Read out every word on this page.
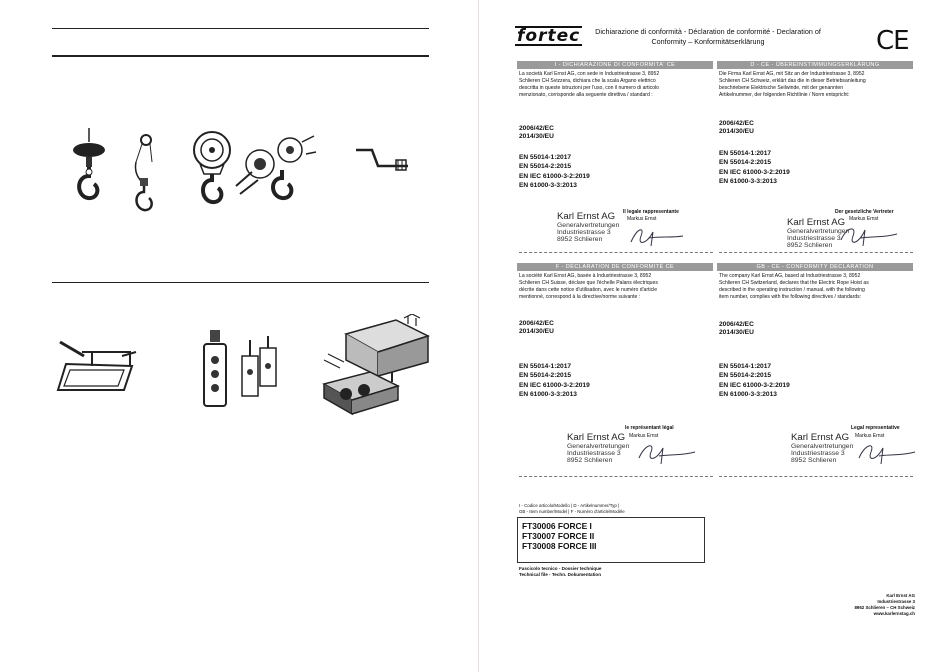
fortec Dichiarazione di conformità - Déclaration de conformité - Declaration of
Conformity – Konformitätserklärung	CE
I - DICHIARAZIONE DI CONFORMITA' CE
La società Karl Ernst AG, con sede in Industriestrasse 3, 8952
Schlieren CH Svizzera, dichiara che la scala Argano elettrico
descritta in queste istruzioni per l'uso, con il numero di articolo
menzionato, corrisponde alla seguente direttiva / standard :
2006/42/EC
2014/30/EU
EN 55014-1:2017
EN 55014-2:2015
EN IEC 61000-3-2:2019
EN 61000-3-3:2013
Il legale rappresentante
Markus Ernst
Karl Ernst AG
Generalvertretungen
Industriestrasse 3
8952 Schlieren
D - CE - ÜBEREINSTIMMUNGSERKLÄRUNG
Die Firma Karl Ernst AG, mit Sitz an der Industriestrasse 3, 8952
Schlieren CH Schweiz, erklärt das die in dieser Betriebsanleitung
beschriebene Elektrische Seilwinde, mit der genannten
Artikelnummer, der folgenden Richtlinie / Norm entspricht:
2006/42/EC
2014/30/EU
EN 55014-1:2017
EN 55014-2:2015
EN IEC 61000-3-2:2019
EN 61000-3-3:2013
Der gesetzliche Vertreter
Markus Ernst
Karl Ernst AG
Generalvertretungen
Industriestrasse 3
8952 Schlieren
F - DÉCLARATION DE CONFORMITÉ CE
La société Karl Ernst AG, basée à Industriestrasse 3, 8952
Schlieren CH Suisse, déclare que l'échelle Palans électriques
décrite dans cette notice d'utilisation, avec le numéro d'article
mentionné, correspond à la directive/norme suivante :
2006/42/EC
2014/30/EU
EN 55014-1:2017
EN 55014-2:2015
EN IEC 61000-3-2:2019
EN 61000-3-3:2013
le représentant légal
Markus Ernst
Karl Ernst AG
Generalvertretungen
Industriestrasse 3
8952 Schlieren
GB - CE - CONFORMITY DECLARATION
The company Karl Ernst AG, based at Industriestrasse 3, 8952
Schlieren CH Switzerland, declares that the Electric Rope Hoist as
described in the operating instruction / manual, with the following
item number, complies with the following directives / standards:
2006/42/EC
2014/30/EU
EN 55014-1:2017
EN 55014-2:2015
EN IEC 61000-3-2:2019
EN 61000-3-3:2013
Legal representative
Markus Ernst
Karl Ernst AG
Generalvertretungen
Industriestrasse 3
8952 Schlieren
I - Codice articolo/Modello | D - Artikelnummer/Typ |
GB - Item number/Model | F - Numéro d'article/Modèle
FT30006 FORCE I
FT30007 FORCE II
FT30008 FORCE III
Fascicolo tecnico - Dossier technique
Technical file - Techn. Dokumentation
Karl Ernst AG
Industriestrasse 3
8952 Schlieren – CH Schweiz
www.karlernstag.ch
